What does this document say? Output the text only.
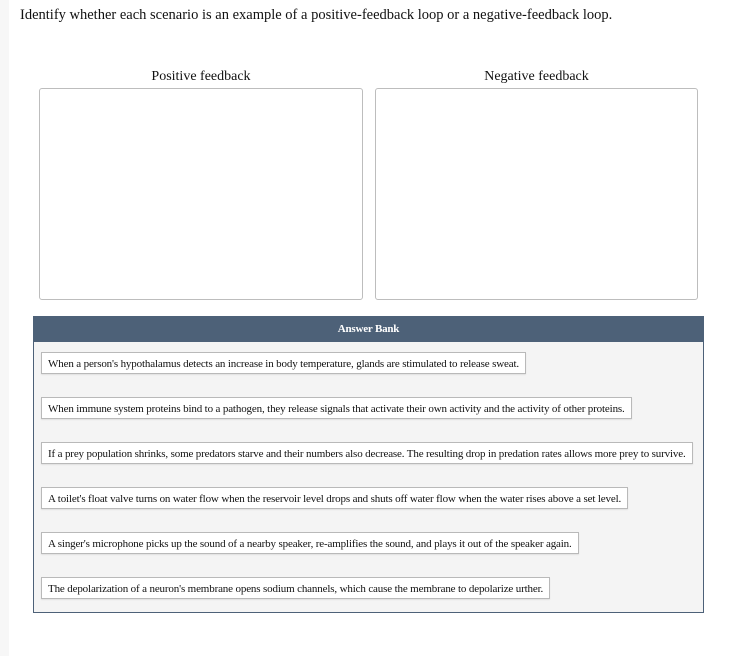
Identify whether each scenario is an example of a positive-feedback loop or a negative-feedback loop.
Positive feedback	Negative feedback
Answer Bank
When a person's hypothalamus detects an increase in body temperature, glands are stimulated to release sweat.
When immune system proteins bind to a pathogen, they release signals that activate their own activity and the activity of other proteins.
If a prey population shrinks, some predators starve and their numbers also decrease. The resulting drop in predation rates allows more prey to survive.
A toilet's float valve turns on water flow when the reservoir level drops and shuts off water flow when the water rises above a set level.
A singer's microphone picks up the sound of a nearby speaker, re-amplifies the sound, and plays it out of the speaker again.
The depolarization of a neuron's membrane opens sodium channels, which cause the membrane to depolarize urther.
